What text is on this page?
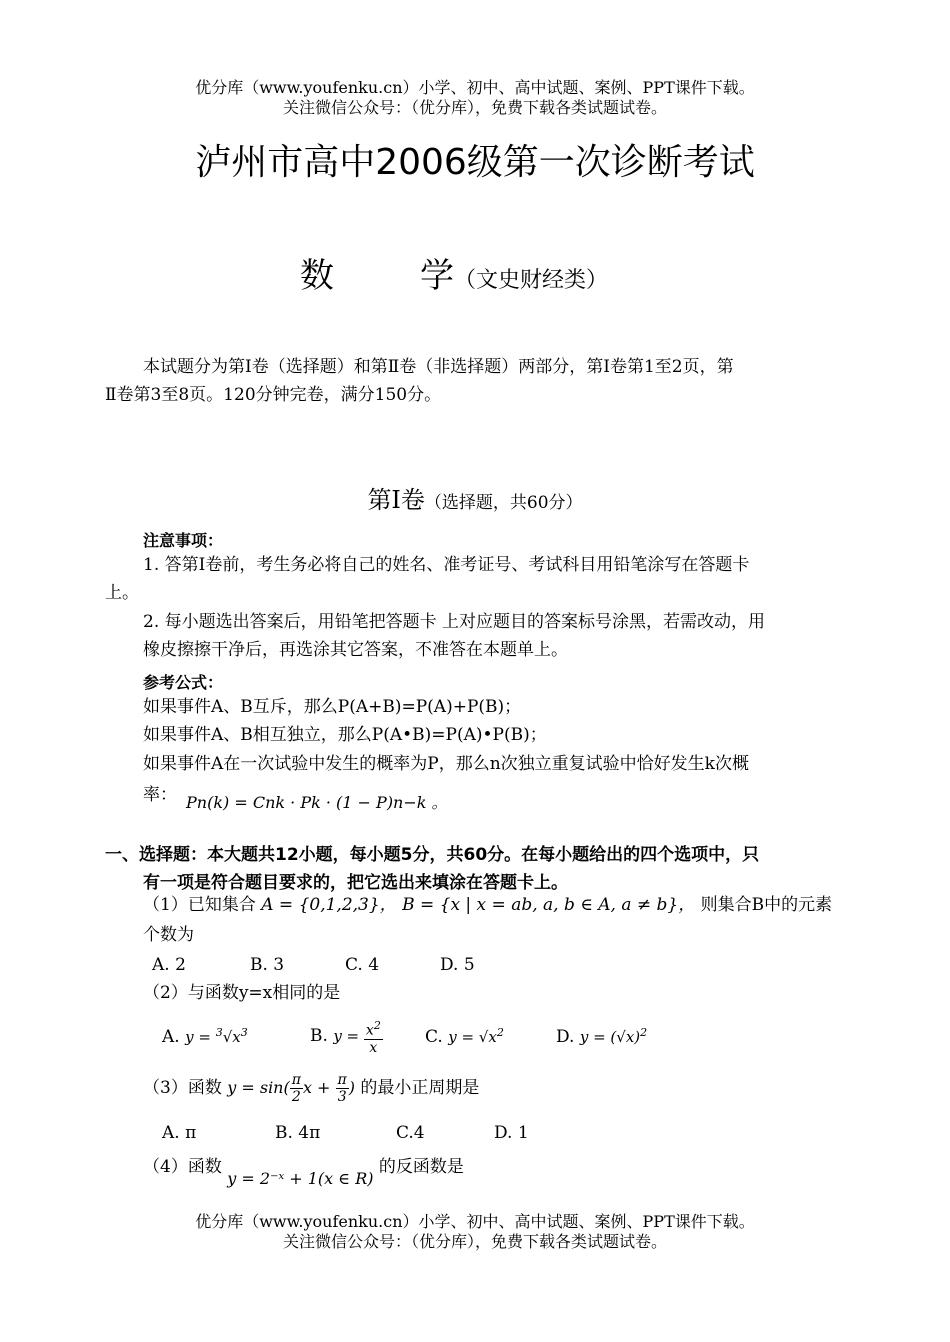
优分库（www.youfenku.cn）小学、初中、高中试题、案例、PPT课件下载。
关注微信公众号：（优分库），免费下载各类试题试卷。
泸州市高中2006级第一次诊断考试
数	学（文史财经类）
本试题分为第Ⅰ卷（选择题）和第Ⅱ卷（非选择题）两部分，第Ⅰ卷第1至2页，第
Ⅱ卷第3至8页。120分钟完卷，满分150分。
第Ⅰ卷（选择题，共60分）
注意事项：
1. 答第Ⅰ卷前，考生务必将自己的姓名、准考证号、考试科目用铅笔涂写在答题卡
上。
2. 每小题选出答案后，用铅笔把答题卡 上对应题目的答案标号涂黑，若需改动，用
橡皮擦擦干净后，再选涂其它答案，不准答在本题单上。
参考公式：
如果事件A、B互斥，那么P(A+B)=P(A)+P(B)；
如果事件A、B相互独立，那么P(A•B)=P(A)•P(B)；
如果事件A在一次试验中发生的概率为P，那么n次独立重复试验中恰好发生k次概
率： Pn(k) = Cnk · Pk · (1 − P)n−k 。
一、选择题：本大题共12小题，每小题5分，共60分。在每小题给出的四个选项中，只
有一项是符合题目要求的，把它选出来填涂在答题卡上。
（1）已知集合 A = {0,1,2,3}， B = {x | x = ab, a, b ∈ A, a ≠ b}， 则集合B中的元素
个数为
A. 2	B. 3	C. 4	D. 5
（2）与函数y=x相同的是
A. $y = ^3√x^3$	B. $y = \frac{x^2}{x} C$. $y = √x^2$	D. $y = (√x)^2$
（3）函数 $y = \sin( \frac{\pi}{2}$ $x + \frac{\pi}{3}$ ) 的最小正周期是
A. π	B. 4π	C.4	D. 1
（4）函数 y = 2⁻ˣ + 1(x ∈ R) 的反函数是
优分库（www.youfenku.cn）小学、初中、高中试题、案例、PPT课件下载。
关注微信公众号：（优分库），免费下载各类试题试卷。
